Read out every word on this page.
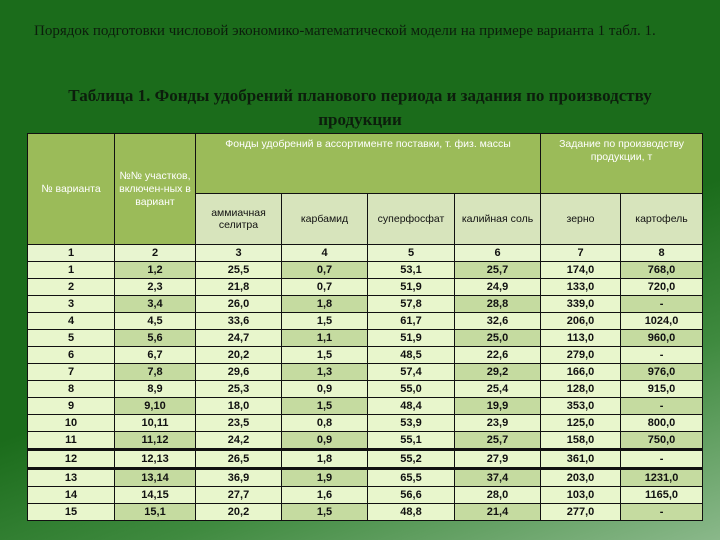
Порядок подготовки числовой экономико-математической модели на примере варианта 1 табл. 1.
Таблица 1. Фонды удобрений планового периода и задания по производству продукции
№ варианта	№№ участков, включен-ных в вариант	Фонды удобрений в ассортименте поставки, т. физ. массы				Задание по производству продукции, т	
		аммиачная селитра	карбамид	суперфосфат	калийная соль	зерно	картофель
1	2	3	4	5	6	7	8
1	1,2	25,5	0,7	53,1	25,7	174,0	768,0
2	2,3	21,8	0,7	51,9	24,9	133,0	720,0
3	3,4	26,0	1,8	57,8	28,8	339,0	-
4	4,5	33,6	1,5	61,7	32,6	206,0	1024,0
5	5,6	24,7	1,1	51,9	25,0	113,0	960,0
6	6,7	20,2	1,5	48,5	22,6	279,0	-
7	7,8	29,6	1,3	57,4	29,2	166,0	976,0
8	8,9	25,3	0,9	55,0	25,4	128,0	915,0
9	9,10	18,0	1,5	48,4	19,9	353,0	-
10	10,11	23,5	0,8	53,9	23,9	125,0	800,0
11	11,12	24,2	0,9	55,1	25,7	158,0	750,0
12	12,13	26,5	1,8	55,2	27,9	361,0	-
13	13,14	36,9	1,9	65,5	37,4	203,0	1231,0
14	14,15	27,7	1,6	56,6	28,0	103,0	1165,0
15	15,1	20,2	1,5	48,8	21,4	277,0	-
